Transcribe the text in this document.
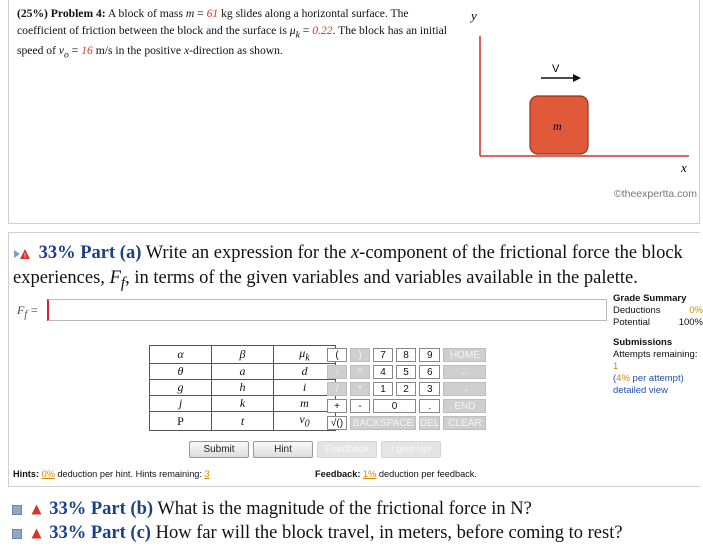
(25%) Problem 4: A block of mass m = 61 kg slides along a horizontal surface. The coefficient of friction between the block and the surface is $\mu_k = 0.22$. The block has an initial speed of $v_o = 16$ m/s in the positive x-direction as shown.
y
x
V
m
©theexpertta.com
! 33% Part (a) Write an expression for the x-component of the frictional force the block experiences, $F_f$, in terms of the given variables and variables available in the palette.
$F_f$ =
Grade Summary
Deductions	0%
Potential	100%
Submissions
Attempts remaining: 1
(4% per attempt)
detailed view
α	β	$\mu_k$
θ	a	d
g	h	i
j	k	m
P	t	$v_0$
(	)	7	8	9	HOME
↑	^	4	5	6	←
/	*	1	2	3	→
+	-	0		.	END
√()	BACKSPACE			DEL	CLEAR
Submit	Hint	Feedback	I give up!
Hints: 0% deduction per hint. Hints remaining: 3	Feedback: 1% deduction per feedback.
33% Part (b) What is the magnitude of the frictional force in N?
33% Part (c) How far will the block travel, in meters, before coming to rest?
